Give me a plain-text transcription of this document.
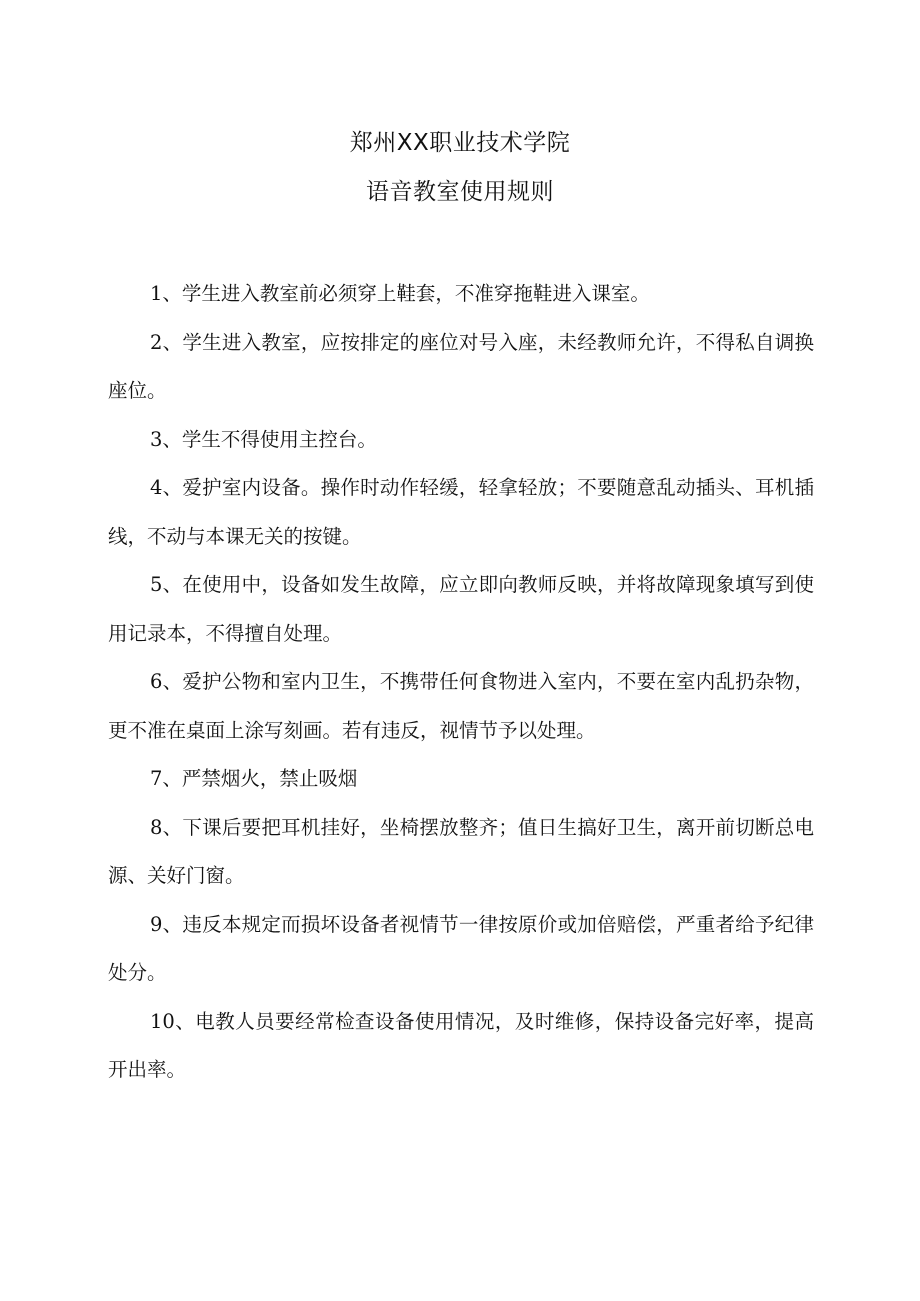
郑州XX职业技术学院
语音教室使用规则
1、学生进入教室前必须穿上鞋套，不准穿拖鞋进入课室。
2、学生进入教室，应按排定的座位对号入座，未经教师允许，不得私自调换座位。
3、学生不得使用主控台。
4、爱护室内设备。操作时动作轻缓，轻拿轻放；不要随意乱动插头、耳机插线，不动与本课无关的按键。
5、在使用中，设备如发生故障，应立即向教师反映，并将故障现象填写到使用记录本，不得擅自处理。
6、爱护公物和室内卫生，不携带任何食物进入室内，不要在室内乱扔杂物，更不准在桌面上涂写刻画。若有违反，视情节予以处理。
7、严禁烟火，禁止吸烟
8、下课后要把耳机挂好，坐椅摆放整齐；值日生搞好卫生，离开前切断总电源、关好门窗。
9、违反本规定而损坏设备者视情节一律按原价或加倍赔偿，严重者给予纪律处分。
10、电教人员要经常检查设备使用情况，及时维修，保持设备完好率，提高开出率。
